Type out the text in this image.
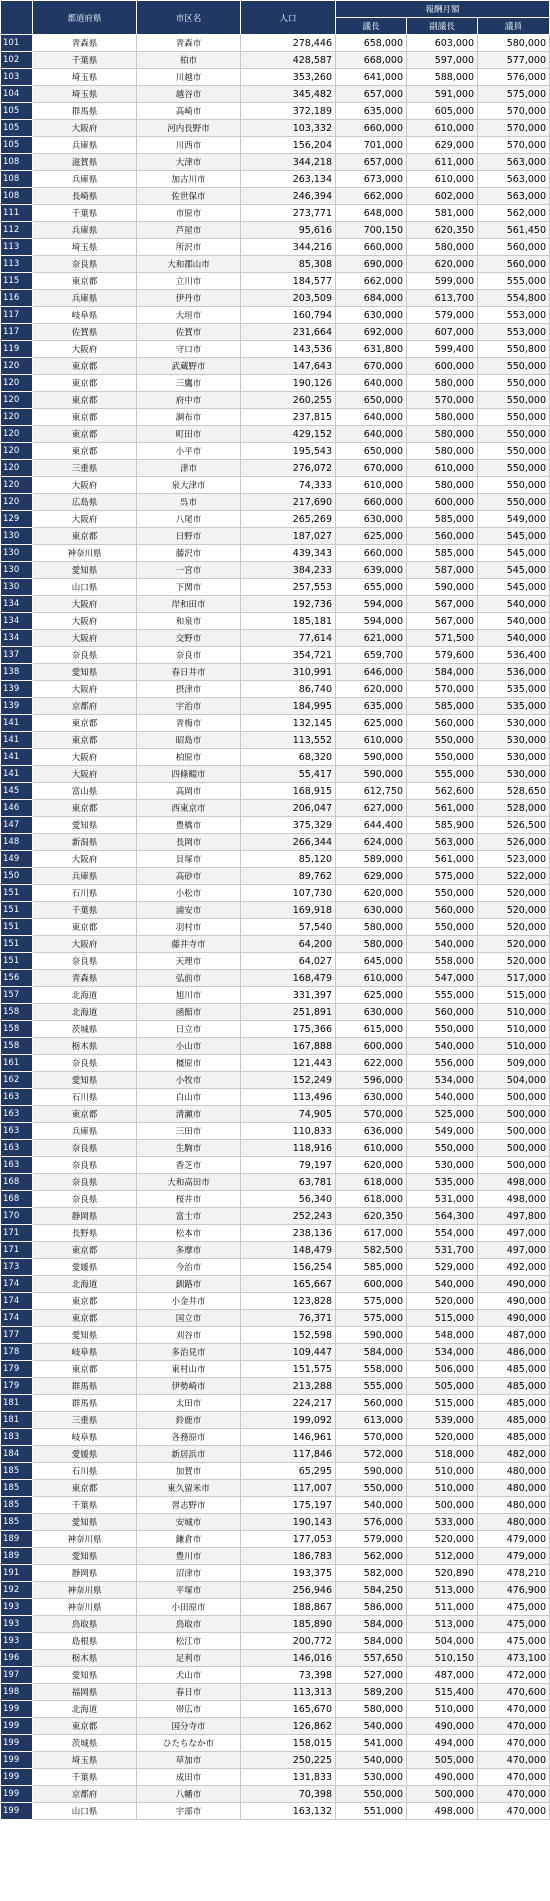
	都道府県	市区名	人口	報酬月額		
				議長	副議長	議員
101	青森県	青森市	278,446	658,000	603,000	580,000
102	千葉県	柏市	428,587	668,000	597,000	577,000
103	埼玉県	川越市	353,260	641,000	588,000	576,000
104	埼玉県	越谷市	345,482	657,000	591,000	575,000
105	群馬県	高崎市	372,189	635,000	605,000	570,000
105	大阪府	河内長野市	103,332	660,000	610,000	570,000
105	兵庫県	川西市	156,204	701,000	629,000	570,000
108	滋賀県	大津市	344,218	657,000	611,000	563,000
108	兵庫県	加古川市	263,134	673,000	610,000	563,000
108	長崎県	佐世保市	246,394	662,000	602,000	563,000
111	千葉県	市原市	273,771	648,000	581,000	562,000
112	兵庫県	芦屋市	95,616	700,150	620,350	561,450
113	埼玉県	所沢市	344,216	660,000	580,000	560,000
113	奈良県	大和郡山市	85,308	690,000	620,000	560,000
115	東京都	立川市	184,577	662,000	599,000	555,000
116	兵庫県	伊丹市	203,509	684,000	613,700	554,800
117	岐阜県	大垣市	160,794	630,000	579,000	553,000
117	佐賀県	佐賀市	231,664	692,000	607,000	553,000
119	大阪府	守口市	143,536	631,800	599,400	550,800
120	東京都	武蔵野市	147,643	670,000	600,000	550,000
120	東京都	三鷹市	190,126	640,000	580,000	550,000
120	東京都	府中市	260,255	650,000	570,000	550,000
120	東京都	調布市	237,815	640,000	580,000	550,000
120	東京都	町田市	429,152	640,000	580,000	550,000
120	東京都	小平市	195,543	650,000	580,000	550,000
120	三重県	津市	276,072	670,000	610,000	550,000
120	大阪府	泉大津市	74,333	610,000	580,000	550,000
120	広島県	呉市	217,690	660,000	600,000	550,000
129	大阪府	八尾市	265,269	630,000	585,000	549,000
130	東京都	日野市	187,027	625,000	560,000	545,000
130	神奈川県	藤沢市	439,343	660,000	585,000	545,000
130	愛知県	一宮市	384,233	639,000	587,000	545,000
130	山口県	下関市	257,553	655,000	590,000	545,000
134	大阪府	岸和田市	192,736	594,000	567,000	540,000
134	大阪府	和泉市	185,181	594,000	567,000	540,000
134	大阪府	交野市	77,614	621,000	571,500	540,000
137	奈良県	奈良市	354,721	659,700	579,600	536,400
138	愛知県	春日井市	310,991	646,000	584,000	536,000
139	大阪府	摂津市	86,740	620,000	570,000	535,000
139	京都府	宇治市	184,995	635,000	585,000	535,000
141	東京都	青梅市	132,145	625,000	560,000	530,000
141	東京都	昭島市	113,552	610,000	550,000	530,000
141	大阪府	柏原市	68,320	590,000	550,000	530,000
141	大阪府	四條畷市	55,417	590,000	555,000	530,000
145	富山県	高岡市	168,915	612,750	562,600	528,650
146	東京都	西東京市	206,047	627,000	561,000	528,000
147	愛知県	豊橋市	375,329	644,400	585,900	526,500
148	新潟県	長岡市	266,344	624,000	563,000	526,000
149	大阪府	貝塚市	85,120	589,000	561,000	523,000
150	兵庫県	高砂市	89,762	629,000	575,000	522,000
151	石川県	小松市	107,730	620,000	550,000	520,000
151	千葉県	浦安市	169,918	630,000	560,000	520,000
151	東京都	羽村市	57,540	580,000	550,000	520,000
151	大阪府	藤井寺市	64,200	580,000	540,000	520,000
151	奈良県	天理市	64,027	645,000	558,000	520,000
156	青森県	弘前市	168,479	610,000	547,000	517,000
157	北海道	旭川市	331,397	625,000	555,000	515,000
158	北海道	函館市	251,891	630,000	560,000	510,000
158	茨城県	日立市	175,366	615,000	550,000	510,000
158	栃木県	小山市	167,888	600,000	540,000	510,000
161	奈良県	橿原市	121,443	622,000	556,000	509,000
162	愛知県	小牧市	152,249	596,000	534,000	504,000
163	石川県	白山市	113,496	630,000	540,000	500,000
163	東京都	清瀬市	74,905	570,000	525,000	500,000
163	兵庫県	三田市	110,833	636,000	549,000	500,000
163	奈良県	生駒市	118,916	610,000	550,000	500,000
163	奈良県	香芝市	79,197	620,000	530,000	500,000
168	奈良県	大和高田市	63,781	618,000	535,000	498,000
168	奈良県	桜井市	56,340	618,000	531,000	498,000
170	静岡県	富士市	252,243	620,350	564,300	497,800
171	長野県	松本市	238,136	617,000	554,000	497,000
171	東京都	多摩市	148,479	582,500	531,700	497,000
173	愛媛県	今治市	156,254	585,000	529,000	492,000
174	北海道	釧路市	165,667	600,000	540,000	490,000
174	東京都	小金井市	123,828	575,000	520,000	490,000
174	東京都	国立市	76,371	575,000	515,000	490,000
177	愛知県	刈谷市	152,598	590,000	548,000	487,000
178	岐阜県	多治見市	109,447	584,000	534,000	486,000
179	東京都	東村山市	151,575	558,000	506,000	485,000
179	群馬県	伊勢崎市	213,288	555,000	505,000	485,000
181	群馬県	太田市	224,217	560,000	515,000	485,000
181	三重県	鈴鹿市	199,092	613,000	539,000	485,000
183	岐阜県	各務原市	146,961	570,000	520,000	485,000
184	愛媛県	新居浜市	117,846	572,000	518,000	482,000
185	石川県	加賀市	65,295	590,000	510,000	480,000
185	東京都	東久留米市	117,007	550,000	510,000	480,000
185	千葉県	習志野市	175,197	540,000	500,000	480,000
185	愛知県	安城市	190,143	576,000	533,000	480,000
189	神奈川県	鎌倉市	177,053	579,000	520,000	479,000
189	愛知県	豊川市	186,783	562,000	512,000	479,000
191	静岡県	沼津市	193,375	582,000	520,890	478,210
192	神奈川県	平塚市	256,946	584,250	513,000	476,900
193	神奈川県	小田原市	188,867	586,000	511,000	475,000
193	鳥取県	鳥取市	185,890	584,000	513,000	475,000
193	島根県	松江市	200,772	584,000	504,000	475,000
196	栃木県	足利市	146,016	557,650	510,150	473,100
197	愛知県	犬山市	73,398	527,000	487,000	472,000
198	福岡県	春日市	113,313	589,200	515,400	470,600
199	北海道	帯広市	165,670	580,000	510,000	470,000
199	東京都	国分寺市	126,862	540,000	490,000	470,000
199	茨城県	ひたちなか市	158,015	541,000	494,000	470,000
199	埼玉県	草加市	250,225	540,000	505,000	470,000
199	千葉県	成田市	131,833	530,000	490,000	470,000
199	京都府	八幡市	70,398	550,000	500,000	470,000
199	山口県	宇部市	163,132	551,000	498,000	470,000
